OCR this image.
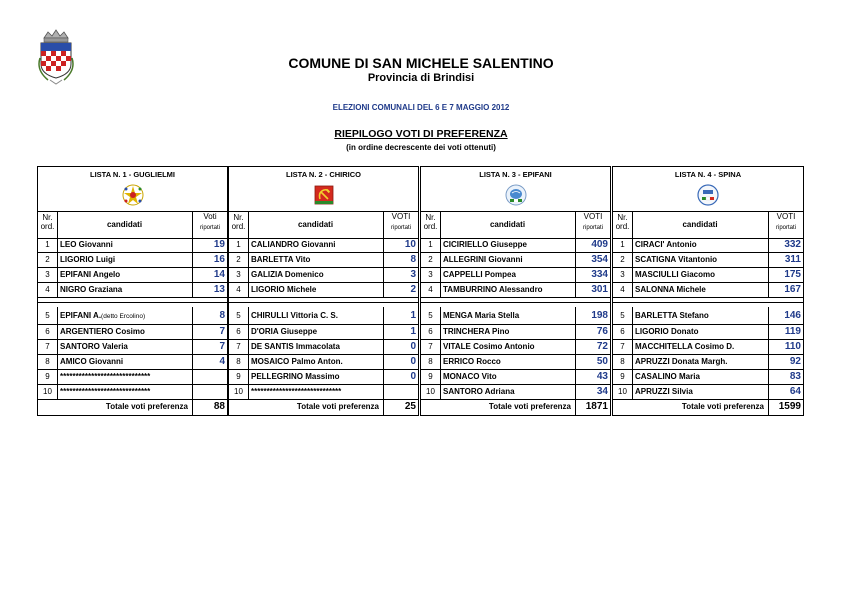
COMUNE DI SAN MICHELE SALENTINO
Provincia di Brindisi
ELEZIONI COMUNALI DEL 6 E 7 MAGGIO 2012
RIEPILOGO VOTI DI PREFERENZA
(in ordine decrescente dei voti ottenuti)
LISTA N. 1 - GUGLIELMI
Nr.
ord.	candidati
Voti
riportati
1	LEO Giovanni	19
2	LIGORIO Luigi	16
3	EPIFANI Angelo	14
4	NIGRO Graziana	13
5	EPIFANI A.(detto Ercolino)	8
6	ARGENTIERO Cosimo	7
7	SANTORO Valeria	7
8	AMICO Giovanni	4
9	*****************************
10	*****************************
Totale voti preferenza	88
LISTA N. 2 - CHIRICO
Nr.
ord.	candidati
VOTI
riportati
1	CALIANDRO Giovanni	10
2	BARLETTA Vito	8
3	GALIZIA Domenico	3
4	LIGORIO Michele	2
5	CHIRULLI Vittoria C. S.	1
6	D'ORIA Giuseppe	1
7	DE SANTIS Immacolata	0
8	MOSAICO Palmo Anton.	0
9	PELLEGRINO Massimo	0
10	*****************************
Totale voti preferenza	25
LISTA N. 3 - EPIFANI
Nr.
ord.	candidati
VOTI
riportati
1	CICIRIELLO Giuseppe	409
2	ALLEGRINI Giovanni	354
3	CAPPELLI Pompea	334
4	TAMBURRINO Alessandro	301
5	MENGA Maria Stella	198
6	TRINCHERA Pino	76
7	VITALE Cosimo Antonio	72
8	ERRICO Rocco	50
9	MONACO Vito	43
10	SANTORO Adriana	34
Totale voti preferenza	1871
LISTA N. 4 - SPINA
Nr.
ord.	candidati
VOTI
riportati
1	CIRACI' Antonio	332
2	SCATIGNA Vitantonio	311
3	MASCIULLI Giacomo	175
4	SALONNA Michele	167
5	BARLETTA Stefano	146
6	LIGORIO Donato	119
7	MACCHITELLA Cosimo D.	110
8	APRUZZI Donata Margh.	92
9	CASALINO Maria	83
10	APRUZZI Silvia	64
Totale voti preferenza	1599
